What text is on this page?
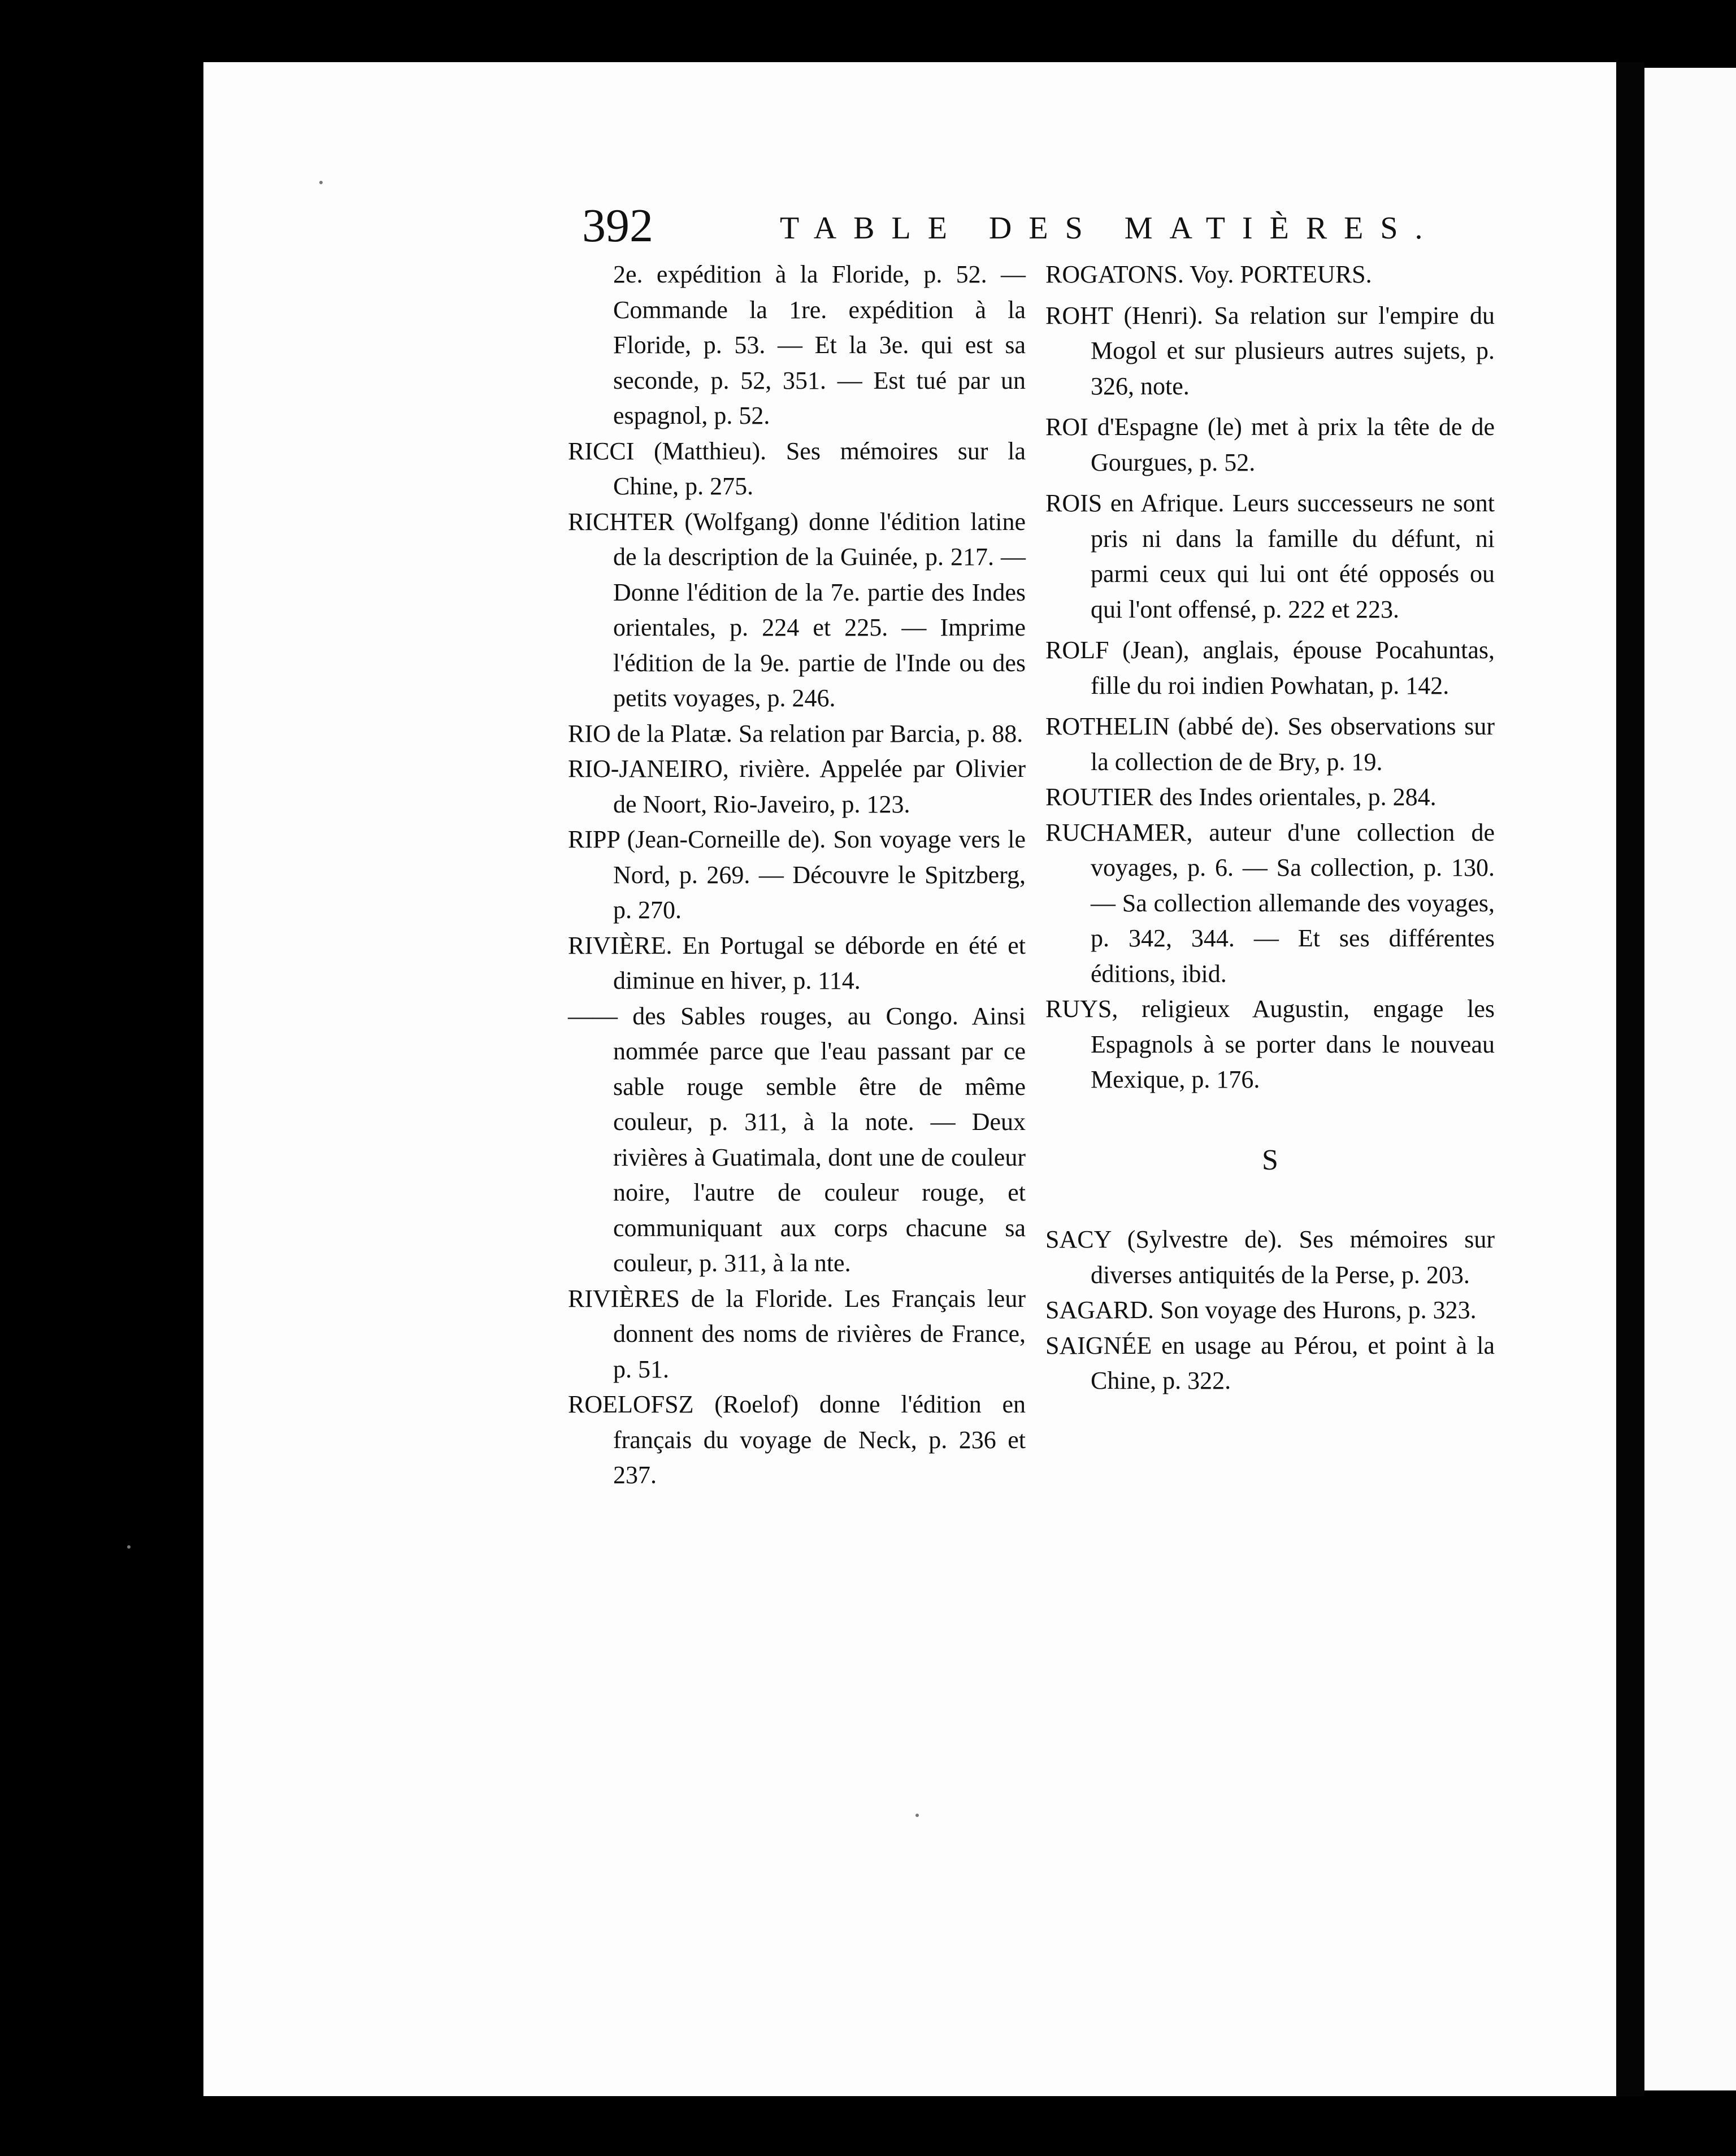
392	TABLE DES MATIÈRES.

2e. expédition à la Floride, p. 52. — Commande la 1re. expédition à la Floride, p. 53. — Et la 3e. qui est sa seconde, p. 52, 351. — Est tué par un espagnol, p. 52.

RICCI (Matthieu). Ses mémoires sur la Chine, p. 275.

RICHTER (Wolfgang) donne l'édition latine de la description de la Guinée, p. 217. — Donne l'édition de la 7e. partie des Indes orientales, p. 224 et 225. — Imprime l'édition de la 9e. partie de l'Inde ou des petits voyages, p. 246.

RIO de la Platæ. Sa relation par Barcia, p. 88.

RIO-JANEIRO, rivière. Appelée par Olivier de Noort, Rio-Javeiro, p. 123.

RIPP (Jean-Corneille de). Son voyage vers le Nord, p. 269. — Découvre le Spitzberg, p. 270.

RIVIÈRE. En Portugal se déborde en été et diminue en hiver, p. 114.

—— des Sables rouges, au Congo. Ainsi nommée parce que l'eau passant par ce sable rouge semble être de même couleur, p. 311, à la note. — Deux rivières à Guatimala, dont une de couleur noire, l'autre de couleur rouge, et communiquant aux corps chacune sa couleur, p. 311, à la nte.

RIVIÈRES de la Floride. Les Français leur donnent des noms de rivières de France, p. 51.

ROELOFSZ (Roelof) donne l'édition en français du voyage de Neck, p. 236 et 237.

ROGATONS. Voy. PORTEURS.

ROHT (Henri). Sa relation sur l'empire du Mogol et sur plusieurs autres sujets, p. 326, note.

ROI d'Espagne (le) met à prix la tête de de Gourgues, p. 52.

ROIS en Afrique. Leurs successeurs ne sont pris ni dans la famille du défunt, ni parmi ceux qui lui ont été opposés ou qui l'ont offensé, p. 222 et 223.

ROLF (Jean), anglais, épouse Pocahuntas, fille du roi indien Powhatan, p. 142.

ROTHELIN (abbé de). Ses observations sur la collection de de Bry, p. 19.

ROUTIER des Indes orientales, p. 284.

RUCHAMER, auteur d'une collection de voyages, p. 6. — Sa collection, p. 130. — Sa collection allemande des voyages, p. 342, 344. — Et ses différentes éditions, ibid.

RUYS, religieux Augustin, engage les Espagnols à se porter dans le nouveau Mexique, p. 176.

S

SACY (Sylvestre de). Ses mémoires sur diverses antiquités de la Perse, p. 203.

SAGARD. Son voyage des Hurons, p. 323.

SAIGNÉE en usage au Pérou, et point à la Chine, p. 322.
